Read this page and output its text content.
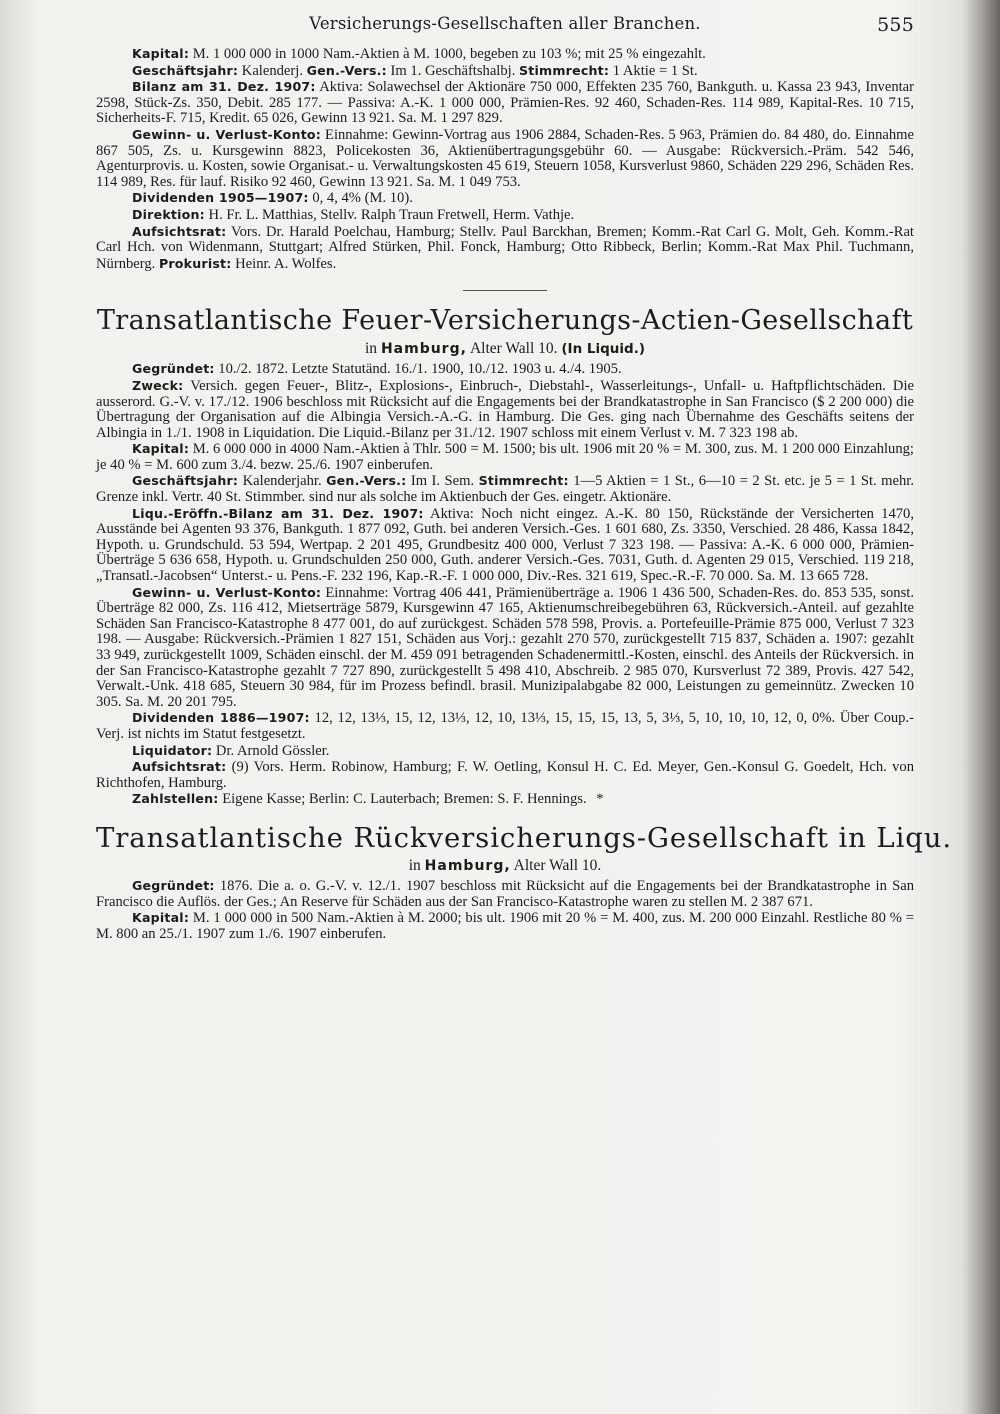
Versicherungs-Gesellschaften aller Branchen.	555

Kapital: M. 1 000 000 in 1000 Nam.-Aktien à M. 1000, begeben zu 103 %; mit 25 % eingezahlt.

Geschäftsjahr: Kalenderj. Gen.-Vers.: Im 1. Geschäftshalbj. Stimmrecht: 1 Aktie = 1 St.

Bilanz am 31. Dez. 1907: Aktiva: Solawechsel der Aktionäre 750 000, Effekten 235 760, Bankguth. u. Kassa 23 943, Inventar 2598, Stück-Zs. 350, Debit. 285 177. — Passiva: A.-K. 1 000 000, Prämien-Res. 92 460, Schaden-Res. 114 989, Kapital-Res. 10 715, Sicherheits-F. 715, Kredit. 65 026, Gewinn 13 921. Sa. M. 1 297 829.

Gewinn- u. Verlust-Konto: Einnahme: Gewinn-Vortrag aus 1906 2884, Schaden-Res. 5 963, Prämien do. 84 480, do. Einnahme 867 505, Zs. u. Kursgewinn 8823, Policekosten 36, Aktienübertragungsgebühr 60. — Ausgabe: Rückversich.-Präm. 542 546, Agenturprovis. u. Kosten, sowie Organisat.- u. Verwaltungskosten 45 619, Steuern 1058, Kursverlust 9860, Schäden 229 296, Schäden Res. 114 989, Res. für lauf. Risiko 92 460, Gewinn 13 921. Sa. M. 1 049 753.

Dividenden 1905—1907: 0, 4, 4% (M. 10).

Direktion: H. Fr. L. Matthias, Stellv. Ralph Traun Fretwell, Herm. Vathje.

Aufsichtsrat: Vors. Dr. Harald Poelchau, Hamburg; Stellv. Paul Barckhan, Bremen; Komm.-Rat Carl G. Molt, Geh. Komm.-Rat Carl Hch. von Widenmann, Stuttgart; Alfred Stürken, Phil. Fonck, Hamburg; Otto Ribbeck, Berlin; Komm.-Rat Max Phil. Tuchmann, Nürnberg. Prokurist: Heinr. A. Wolfes.

Transatlantische Feuer-Versicherungs-Actien-Gesellschaft
in Hamburg, Alter Wall 10. (In Liquid.)

Gegründet: 10./2. 1872. Letzte Statutänd. 16./1. 1900, 10./12. 1903 u. 4./4. 1905.

Zweck: Versich. gegen Feuer-, Blitz-, Explosions-, Einbruch-, Diebstahl-, Wasserleitungs-, Unfall- u. Haftpflichtschäden. Die ausserord. G.-V. v. 17./12. 1906 beschloss mit Rücksicht auf die Engagements bei der Brandkatastrophe in San Francisco ($ 2 200 000) die Übertragung der Organisation auf die Albingia Versich.-A.-G. in Hamburg. Die Ges. ging nach Übernahme des Geschäfts seitens der Albingia in 1./1. 1908 in Liquidation. Die Liquid.-Bilanz per 31./12. 1907 schloss mit einem Verlust v. M. 7 323 198 ab.

Kapital: M. 6 000 000 in 4000 Nam.-Aktien à Thlr. 500 = M. 1500; bis ult. 1906 mit 20 % = M. 300, zus. M. 1 200 000 Einzahlung; je 40 % = M. 600 zum 3./4. bezw. 25./6. 1907 einberufen.

Geschäftsjahr: Kalenderjahr. Gen.-Vers.: Im I. Sem. Stimmrecht: 1—5 Aktien = 1 St., 6—10 = 2 St. etc. je 5 = 1 St. mehr. Grenze inkl. Vertr. 40 St. Stimmber. sind nur als solche im Aktienbuch der Ges. eingetr. Aktionäre.

Liqu.-Eröffn.-Bilanz am 31. Dez. 1907: Aktiva: Noch nicht eingez. A.-K. 80 150, Rückstände der Versicherten 1470, Ausstände bei Agenten 93 376, Bankguth. 1 877 092, Guth. bei anderen Versich.-Ges. 1 601 680, Zs. 3350, Verschied. 28 486, Kassa 1842, Hypoth. u. Grundschuld. 53 594, Wertpap. 2 201 495, Grundbesitz 400 000, Verlust 7 323 198. — Passiva: A.-K. 6 000 000, Prämien-Überträge 5 636 658, Hypoth. u. Grundschulden 250 000, Guth. anderer Versich.-Ges. 7031, Guth. d. Agenten 29 015, Verschied. 119 218, „Transatl.-Jacobsen“ Unterst.- u. Pens.-F. 232 196, Kap.-R.-F. 1 000 000, Div.-Res. 321 619, Spec.-R.-F. 70 000. Sa. M. 13 665 728.

Gewinn- u. Verlust-Konto: Einnahme: Vortrag 406 441, Prämienüberträge a. 1906 1 436 500, Schaden-Res. do. 853 535, sonst. Überträge 82 000, Zs. 116 412, Mietserträge 5879, Kursgewinn 47 165, Aktienumschreibegebühren 63, Rückversich.-Anteil. auf gezahlte Schäden San Francisco-Katastrophe 8 477 001, do auf zurückgest. Schäden 578 598, Provis. a. Portefeuille-Prämie 875 000, Verlust 7 323 198. — Ausgabe: Rückversich.-Prämien 1 827 151, Schäden aus Vorj.: gezahlt 270 570, zurückgestellt 715 837, Schäden a. 1907: gezahlt 33 949, zurückgestellt 1009, Schäden einschl. der M. 459 091 betragenden Schadenermittl.-Kosten, einschl. des Anteils der Rückversich. in der San Francisco-Katastrophe gezahlt 7 727 890, zurückgestellt 5 498 410, Abschreib. 2 985 070, Kursverlust 72 389, Provis. 427 542, Verwalt.-Unk. 418 685, Steuern 30 984, für im Prozess befindl. brasil. Munizipalabgabe 82 000, Leistungen zu gemeinnütz. Zwecken 10 305. Sa. M. 20 201 795.

Dividenden 1886—1907: 12, 12, 13⅓, 15, 12, 13⅓, 12, 10, 13⅓, 15, 15, 15, 13, 5, 3⅓, 5, 10, 10, 10, 12, 0, 0%. Über Coup.-Verj. ist nichts im Statut festgesetzt.

Liquidator: Dr. Arnold Gössler.

Aufsichtsrat: (9) Vors. Herm. Robinow, Hamburg; F. W. Oetling, Konsul H. C. Ed. Meyer, Gen.-Konsul G. Goedelt, Hch. von Richthofen, Hamburg.

Zahlstellen: Eigene Kasse; Berlin: C. Lauterbach; Bremen: S. F. Hennings. *

Transatlantische Rückversicherungs-Gesellschaft in Liqu.
in Hamburg, Alter Wall 10.

Gegründet: 1876. Die a. o. G.-V. v. 12./1. 1907 beschloss mit Rücksicht auf die Engagements bei der Brandkatastrophe in San Francisco die Auflös. der Ges.; An Reserve für Schäden aus der San Francisco-Katastrophe waren zu stellen M. 2 387 671.

Kapital: M. 1 000 000 in 500 Nam.-Aktien à M. 2000; bis ult. 1906 mit 20 % = M. 400, zus. M. 200 000 Einzahl. Restliche 80 % = M. 800 an 25./1. 1907 zum 1./6. 1907 einberufen.
